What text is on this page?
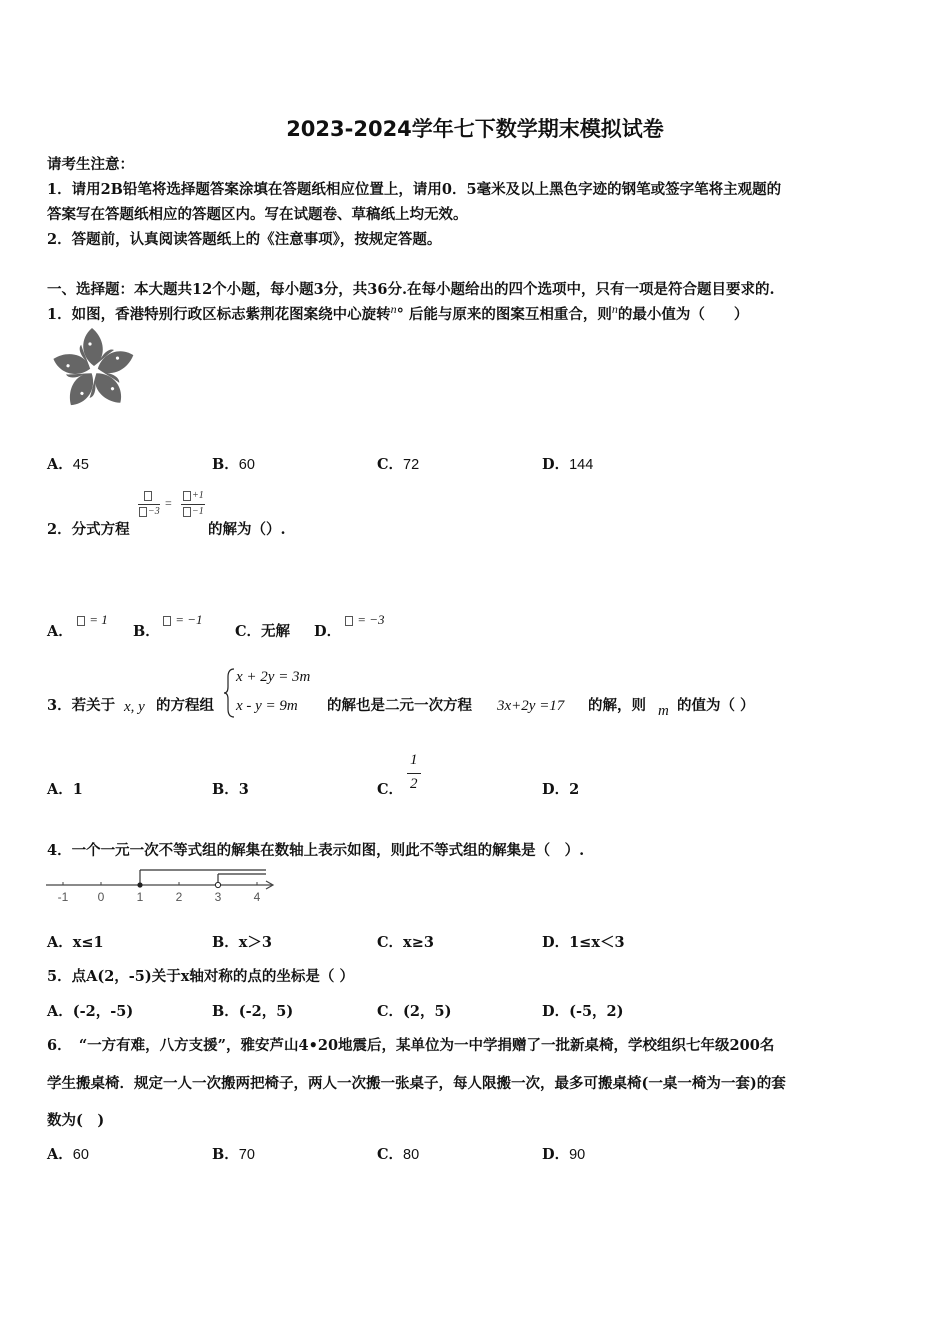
2023-2024学年七下数学期末模拟试卷
请考生注意：
1．请用2B铅笔将选择题答案涂填在答题纸相应位置上，请用0．5毫米及以上黑色字迹的钢笔或签字笔将主观题的
答案写在答题纸相应的答题区内。写在试题卷、草稿纸上均无效。
2．答题前，认真阅读答题纸上的《注意事项》，按规定答题。
一、选择题：本大题共12个小题，每小题3分，共36分.在每小题给出的四个选项中，只有一项是符合题目要求的.
1．如图，香港特别行政区标志紫荆花图案绕中心旋转$^n$° 后能与原来的图案互相重合，则$^n$的最小值为（　　）
A．45	B．60	C．72	D．144
2．分式方程
−3
=
+1
−1
的解为（）.
A．
= 1
B．
= −1
C．无解 D．
= −3
3．若关于 x, y 的方程组
x + 2y = 3m
x - y = 9m 的解也是二元一次方程 3x+2y =17 的解，则 m 的值为（ ）
A．1	B．3	C．
1
2	D．2
4．一个一元一次不等式组的解集在数轴上表示如图，则此不等式组的解集是（　）.
-1 0	1	2	3	4
A．x≤1	B．x＞3	C．x≥3	D．1≤x＜3
5．点A(2，-5)关于x轴对称的点的坐标是（ ）
A．(-2，-5)	B．(-2，5)	C．(2，5)	D．(-5，2)
6．　“一方有难，八方支援”，雅安芦山4•20地震后，某单位为一中学捐赠了一批新桌椅，学校组织七年级200名
学生搬桌椅．规定一人一次搬两把椅子，两人一次搬一张桌子，每人限搬一次，最多可搬桌椅(一桌一椅为一套)的套
数为(　)
A．60	B．70	C．80	D．90
